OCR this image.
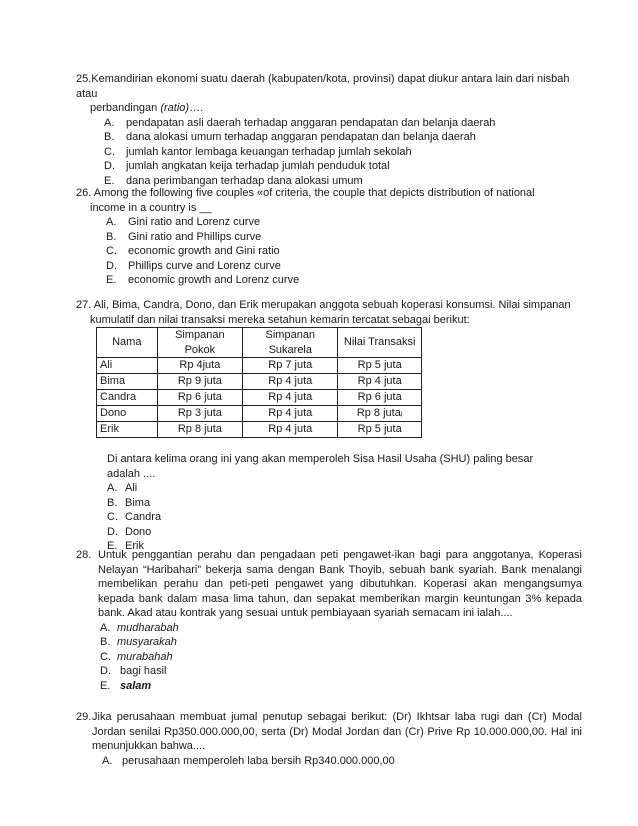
25.Kemandirian ekonomi suatu daerah (kabupaten/kota, provinsi) dapat diukur antara lain dari nisbah atau
perbandingan (ratio)….

A.	pendapatan asli daerah terhadap anggaran pendapatan dan belanja daerah
B.	dana alokasi umum terhadap anggaran pendapatan dan belanja daerah
C.	jumlah kantor lembaga keuangan terhadap jumlah sekolah
D.	jumlah angkatan keija terhadap jumlah penduduk total
E.	dana perimbangan terhadap dana alokasi umum

26. Among the following five couples «of criteria, the couple that depicts distribution of national
income in a country is __

A.	Gini ratio and Lorenz curve
B.	Gini ratio and Phillips curve
C.	economic growth and Gini ratio
D.	Phillips curve and Lorenz curve
E.	economic growth and Lorenz curve

27. Ali, Bima, Candra, Dono, dan Erik merupakan anggota sebuah koperasi konsumsi. Nilai simpanan
kumulatif dan nilai transaksi mereka setahun kemarin tercatat sebagai berikut:

Nama	Simpanan Pokok	Simpanan Sukarela	Nilai Transaksi
Ali	Rp 4juta	Rp 7 juta	Rp 5 juta
Bima	Rp 9 juta	Rp 4 juta	Rp 4 juta
Candra	Rp 6 juta	Rp 4 juta	Rp 6 juta
Dono	Rp 3 juta	Rp 4 juta	Rp 8 jutaᵢ
Erik	Rp 8 juta	Rp 4 juta	Rp 5 juta

Di antara kelima orang ini yang akan memperoleh Sisa Hasil Usaha (SHU) paling besar
adalah ....

A. Ali
B. Bima
C. Candra
D. Dono
E. Erik
28. Untuk penggantian perahu dan pengadaan peti pengawet-ikan bagi para anggotanya, Koperasi Nelayan “Haribahari” bekerja sama dengan Bank Thoyib, sebuah bank syariah. Bank menalangi membelikan perahu dan peti-peti pengawet yang dibutuhkan. Koperasi akan mengangsumya kepada bank dalam masa lima tahun, dan sepakat memberikan margin keuntungan 3% kepada bank. Akad atau kontrak yang sesuai untuk pembiayaan syariah semacam ini ialah....

A. mudharabah
B. musyarakah
C. murabahah
D. bagi hasil
E. salam
29. Jika perusahaan membuat jumal penutup sebagai berikut: (Dr) Ikhtsar laba rugi dan (Cr) Modal Jordan senilai Rp350.000.000,00, serta (Dr) Modal Jordan dan (Cr) Prive Rp 10.000.000,00. Hal ini menunjukkan bahwa....

A. perusahaan memperoleh laba bersih Rp340.000.000,00
